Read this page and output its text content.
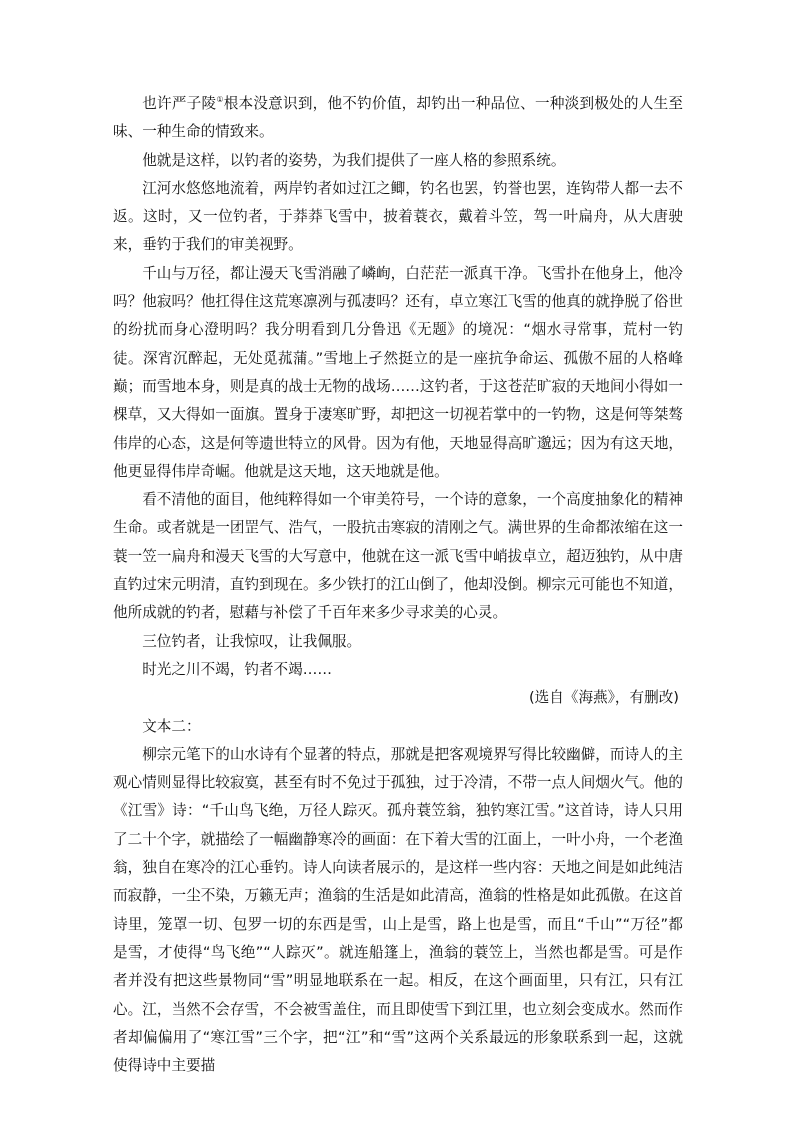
也许严子陵①根本没意识到，他不钓价值，却钓出一种品位、一种淡到极处的人生至味、一种生命的情致来。

他就是这样，以钓者的姿势，为我们提供了一座人格的参照系统。

江河水悠悠地流着，两岸钓者如过江之鲫，钓名也罢，钓誉也罢，连钩带人都一去不返。这时，又一位钓者，于莽莽飞雪中，披着蓑衣，戴着斗笠，驾一叶扁舟，从大唐驶来，垂钓于我们的审美视野。

千山与万径，都让漫天飞雪消融了嶙峋，白茫茫一派真干净。飞雪扑在他身上，他冷吗？他寂吗？他扛得住这荒寒凛冽与孤凄吗？还有，卓立寒江飞雪的他真的就挣脱了俗世的纷扰而身心澄明吗？我分明看到几分鲁迅《无题》的境况：“烟水寻常事，荒村一钓徒。深宵沉醉起，无处觅菰蒲。”雪地上孑然挺立的是一座抗争命运、孤傲不屈的人格峰巅；而雪地本身，则是真的战士无物的战场……这钓者，于这苍茫旷寂的天地间小得如一棵草，又大得如一面旗。置身于凄寒旷野，却把这一切视若掌中的一钓物，这是何等桀骜伟岸的心态，这是何等遗世特立的风骨。因为有他，天地显得高旷邈远；因为有这天地，他更显得伟岸奇崛。他就是这天地，这天地就是他。

看不清他的面目，他纯粹得如一个审美符号，一个诗的意象，一个高度抽象化的精神生命。或者就是一团罡气、浩气，一股抗击寒寂的清刚之气。满世界的生命都浓缩在这一蓑一笠一扁舟和漫天飞雪的大写意中，他就在这一派飞雪中峭拔卓立，超迈独钓，从中唐直钓过宋元明清，直钓到现在。多少铁打的江山倒了，他却没倒。柳宗元可能也不知道，他所成就的钓者，慰藉与补偿了千百年来多少寻求美的心灵。

三位钓者，让我惊叹，让我佩服。

时光之川不竭，钓者不竭……

(选自《海燕》，有删改)

文本二：

柳宗元笔下的山水诗有个显著的特点，那就是把客观境界写得比较幽僻，而诗人的主观心情则显得比较寂寞，甚至有时不免过于孤独，过于冷清，不带一点人间烟火气。他的《江雪》诗：“千山鸟飞绝，万径人踪灭。孤舟蓑笠翁，独钓寒江雪。”这首诗，诗人只用了二十个字，就描绘了一幅幽静寒冷的画面：在下着大雪的江面上，一叶小舟，一个老渔翁，独自在寒冷的江心垂钓。诗人向读者展示的，是这样一些内容：天地之间是如此纯洁而寂静，一尘不染，万籁无声；渔翁的生活是如此清高，渔翁的性格是如此孤傲。在这首诗里，笼罩一切、包罗一切的东西是雪，山上是雪，路上也是雪，而且“千山”“万径”都是雪，才使得“鸟飞绝”“人踪灭”。就连船篷上，渔翁的蓑笠上，当然也都是雪。可是作者并没有把这些景物同“雪”明显地联系在一起。相反，在这个画面里，只有江，只有江心。江，当然不会存雪，不会被雪盖住，而且即使雪下到江里，也立刻会变成水。然而作者却偏偏用了“寒江雪”三个字，把“江”和“雪”这两个关系最远的形象联系到一起，这就使得诗中主要描
